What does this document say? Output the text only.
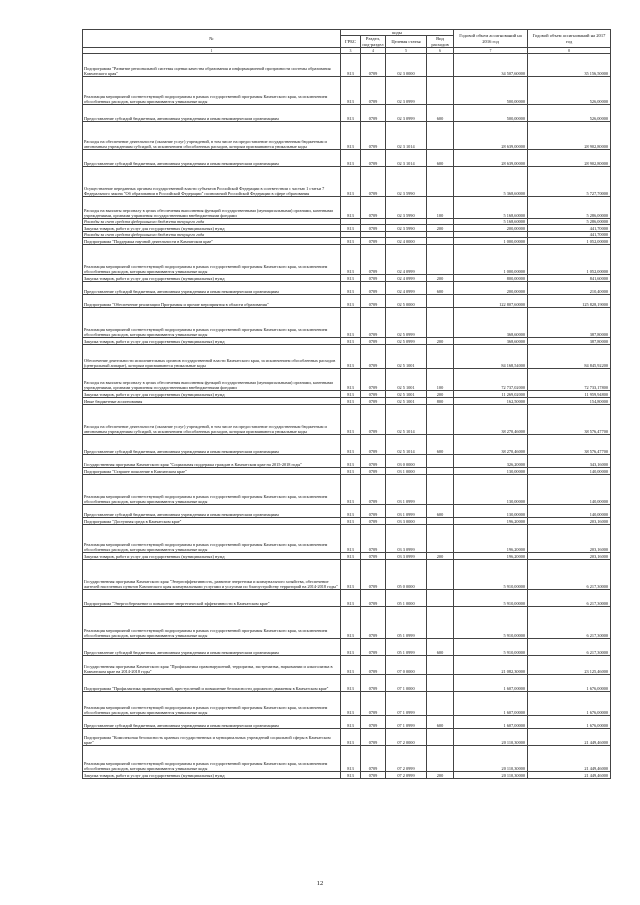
№	коды				Годовой объем ассигнований на 2016 год	Годовой объем ассигнований на 2017 год
	ГРБС	Раздел, под-раздел	Целевая статья	Вид расходов		
1	3	4	5	6	7	8
Подпрограмма "Развитие региональной системы оценки качества образования и информационной прозрачности системы образования Камчатского края"	813	0709	02 3 0000		34 507,60000	35 156,50000
Реализация мероприятий соответствующей подпрограммы в рамках государственной программы Камчатского края, за исключением обособленных расходов, которым присваиваются уникальные коды	813	0709	02 3 0999		500,00000	526,00000
Предоставление субсидий бюджетным, автономным учреждениям и иным некоммерческим организациям	813	0709	02 3 0999	600	500,00000	526,00000
Расходы на обеспечение деятельности (оказание услуг) учреждений, в том числе на предоставление государственным бюджетным и автономным учреждениям субсидий, за исключением обособленных расходов, которым присваиваются уникальные коды	813	0709	02 3 1014		28 639,00000	28 902,80000
Предоставление субсидий бюджетным, автономным учреждениям и иным некоммерческим организациям	813	0709	02 3 1014	600	28 639,00000	28 902,80000
Осуществление переданных органам государственной власти субъектов Российской Федерации в соответствии с частью 1 статьи 7 Федерального закона "Об образовании в Российской Федерации" полномочий Российской Федерации в сфере образования	813	0709	02 3 5990		5 368,60000	5 727,70000
Расходы на выплаты персоналу в целях обеспечения выполнения функций государственными (муниципальными) органами, казенными учреждениями, органами управления государственными внебюджетными фондами	813	0709	02 3 5990	100	5 168,60000	5 286,00000
Расходы за счет средств федерального бюджета текущего года					5 168,60000	5 286,00000
Закупка товаров, работ и услуг для государственных (муниципальных) нужд	813	0709	02 3 5990	200	200,00000	441,70000
Расходы за счет средств федерального бюджета текущего года						441,70000
Подпрограмма "Поддержка научной деятельности в Камчатском крае"	813	0709	02 4 0000		1 000,00000	1 052,00000
Реализация мероприятий соответствующей подпрограммы в рамках государственной программы Камчатского края, за исключением обособленных расходов, которым присваиваются уникальные коды	813	0709	02 4 0999		1 000,00000	1 052,00000
Закупка товаров, работ и услуг для государственных (муниципальных) нужд	813	0709	02 4 0999	200	800,00000	841,60000
Предоставление субсидий бюджетным, автономным учреждениям и иным некоммерческим организациям	813	0709	02 4 0999	600	200,00000	210,40000
Подпрограмма "Обеспечение реализации Программы и прочие мероприятия в области образования"	813	0709	02 5 0000		122 807,60000	125 828,19000
Реализация мероприятий соответствующей подпрограммы в рамках государственной программы Камчатского края, за исключением обособленных расходов, которым присваиваются уникальные коды	813	0709	02 5 0999		368,60000	387,80000
Закупка товаров, работ и услуг для государственных (муниципальных) нужд	813	0709	02 5 0999	200	368,60000	387,80000
Обеспечение деятельности исполнительных органов государственной власти Камчатского края, за исключением обособленных расходов (центральный аппарат), которым присваиваются уникальные коды	813	0709	02 5 1001		84 168,54000	84 845,92200
Расходы на выплаты персоналу в целях обеспечения выполнения функций государственными (муниципальными) органами, казенными учреждениями, органами управления государственными внебюджетными фондами	813	0709	02 5 1001	100	72 737,02000	72 733,17800
Закупка товаров, работ и услуг для государственных (муниципальных) нужд	813	0709	02 5 1001	200	11 269,02000	11 959,94800
Иные бюджетные ассигнования	813	0709	02 5 1001	800	162,50000	154,80000
Расходы на обеспечение деятельности (оказание услуг) учреждений, в том числе на предоставление государственным бюджетным и автономным учреждениям субсидий, за исключением обособленных расходов, которым присваиваются уникальные коды	813	0709	02 5 1014		38 270,46000	38 576,47700
Предоставление субсидий бюджетным, автономным учреждениям и иным некоммерческим организациям	813	0709	02 5 1014	600	38 270,46000	38 576,47700
Государственная программа Камчатского края "Социальная поддержка граждан в Камчатском крае на 2015-2018 годы"	813	0709	03 0 0000		326,20000	343,16000
Подпрограмма "Старшее поколение в Камчатском крае"	813	0709	03 1 0000		130,00000	140,00000
Реализация мероприятий соответствующей подпрограммы в рамках государственной программы Камчатского края, за исключением обособленных расходов, которым присваиваются уникальные коды	813	0709	03 1 0999		130,00000	140,00000
Предоставление субсидий бюджетным, автономным учреждениям и иным некоммерческим организациям	813	0709	03 1 0999	600	130,00000	140,00000
Подпрограмма "Доступная среда в Камчатском крае"	813	0709	03 3 0000		196,20000	203,16000
Реализация мероприятий соответствующей подпрограммы в рамках государственной программы Камчатского края, за исключением обособленных расходов, которым присваиваются уникальные коды	813	0709	03 3 0999		196,20000	203,16000
Закупка товаров, работ и услуг для государственных (муниципальных) нужд	813	0709	03 3 0999	200	196,20000	203,16000
Государственная программа Камчатского края "Энергоэффективность, развитие энергетики и коммунального хозяйства, обеспечение жителей населенных пунктов Камчатского края коммунальными услугами и услугами по благоустройству территорий на 2014-2018 годы"	813	0709	05 0 0000		5 910,00000	6 217,30000
Подпрограмма "Энергосбережение и повышение энергетической эффективности в Камчатском крае"	813	0709	05 1 0000		5 910,00000	6 217,30000
Реализация мероприятий соответствующей подпрограммы в рамках государственной программы Камчатского края, за исключением обособленных расходов, которым присваиваются уникальные коды	813	0709	05 1 0999		5 910,00000	6 217,30000
Предоставление субсидий бюджетным, автономным учреждениям и иным некоммерческим организациям	813	0709	05 1 0999	600	5 910,00000	6 217,30000
Государственная программа Камчатского края "Профилактика правонарушений, терроризма, экстремизма, наркомании и алкоголизма в Камчатском крае на 2014-2018 годы"	813	0709	07 0 0000		21 082,30000	23 125,46000
Подпрограмма "Профилактика правонарушений, преступлений и повышение безопасности дорожного движения в Камчатском крае"	813	0709	07 1 0000		1 607,00000	1 676,00000
Реализация мероприятий соответствующей подпрограммы в рамках государственной программы Камчатского края, за исключением обособленных расходов, которым присваиваются уникальные коды	813	0709	07 1 0999		1 607,00000	1 676,00000
Предоставление субсидий бюджетным, автономным учреждениям и иным некоммерческим организациям	813	0709	07 1 0999	600	1 607,00000	1 676,00000
Подпрограмма "Комплексная безопасность краевых государственных и муниципальных учреждений социальной сферы в Камчатском крае"	813	0709	07 2 0000		20 110,30000	21 449,46000
Реализация мероприятий соответствующей подпрограммы в рамках государственной программы Камчатского края, за исключением обособленных расходов, которым присваиваются уникальные коды	813	0709	07 2 0999		20 110,30000	21 449,46000
Закупка товаров, работ и услуг для государственных (муниципальных) нужд	813	0709	07 2 0999	200	20 110,30000	21 449,46000
12
